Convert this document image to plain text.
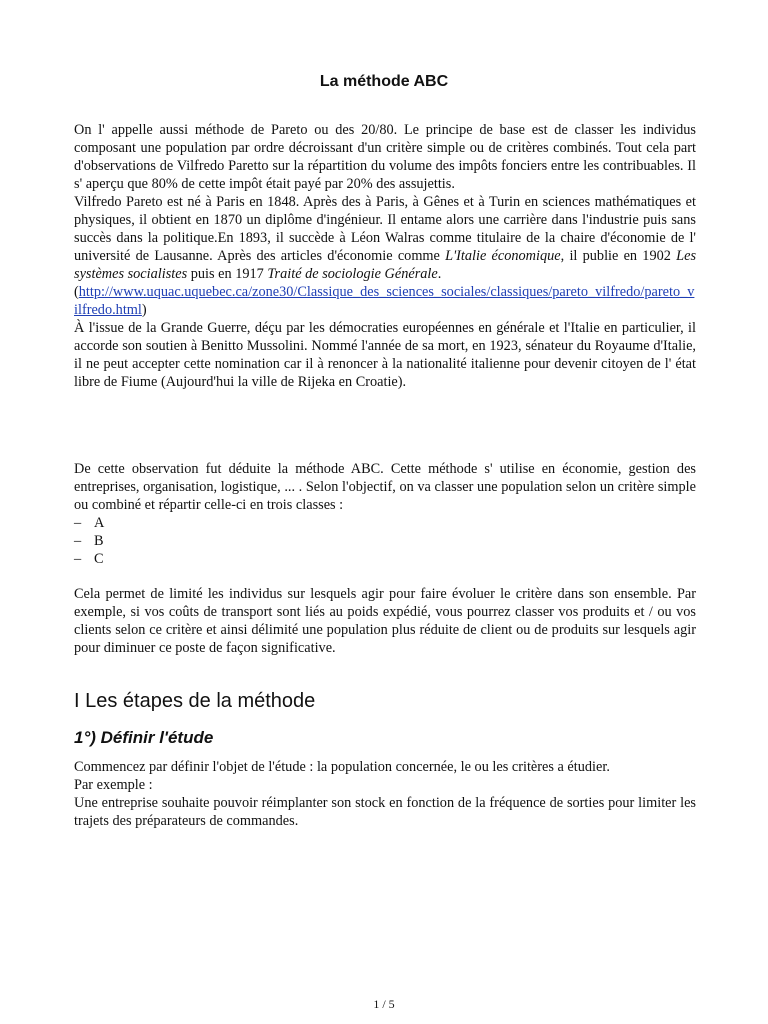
La méthode ABC

On l' appelle aussi méthode de Pareto ou des 20/80. Le principe de base est de classer les individus composant une population par ordre décroissant d'un critère simple ou de critères combinés. Tout cela part d'observations de Vilfredo Paretto sur la répartition du volume des impôts fonciers entre les contribuables. Il s' aperçu que 80% de cette impôt était payé par 20% des assujettis.

Vilfredo Pareto est né à Paris en 1848. Après des à Paris, à Gênes et à Turin en sciences mathématiques et physiques, il obtient en 1870 un diplôme d'ingénieur. Il entame alors une carrière dans l'industrie puis sans succès dans la politique.En 1893, il succède à Léon Walras comme titulaire de la chaire d'économie de l' université de Lausanne. Après des articles d'économie comme L'Italie économique, il publie en 1902 Les systèmes socialistes puis en 1917 Traité de sociologie Générale.

(http://www.uquac.uquebec.ca/zone30/Classique_des_sciences_sociales/classiques/pareto_vilfredo/pareto_vilfredo.html)

À l'issue de la Grande Guerre, déçu par les démocraties européennes en générale et l'Italie en particulier, il accorde son soutien à Benitto Mussolini. Nommé l'année de sa mort, en 1923, sénateur du Royaume d'Italie, il ne peut accepter cette nomination car il à renoncer à la nationalité italienne pour devenir citoyen de l' état libre de Fiume (Aujourd'hui la ville de Rijeka en Croatie).

De cette observation fut déduite la méthode ABC. Cette méthode s' utilise en économie, gestion des entreprises, organisation, logistique, ... . Selon l'objectif, on va classer une population selon un critère simple ou combiné et répartir celle-ci en trois classes :

– A

– B

– C

Cela permet de limité les individus sur lesquels agir pour faire évoluer le critère dans son ensemble. Par exemple, si vos coûts de transport sont liés au poids expédié, vous pourrez classer vos produits et / ou vos clients selon ce critère et ainsi délimité une population plus réduite de client ou de produits sur lesquels agir pour diminuer ce poste de façon significative.

I Les étapes de la méthode
1°) Définir l'étude

Commencez par définir l'objet de l'étude : la population concernée, le ou les critères a étudier.

Par exemple :

Une entreprise souhaite pouvoir réimplanter son stock en fonction de la fréquence de sorties pour limiter les trajets des préparateurs de commandes.

1 / 5
